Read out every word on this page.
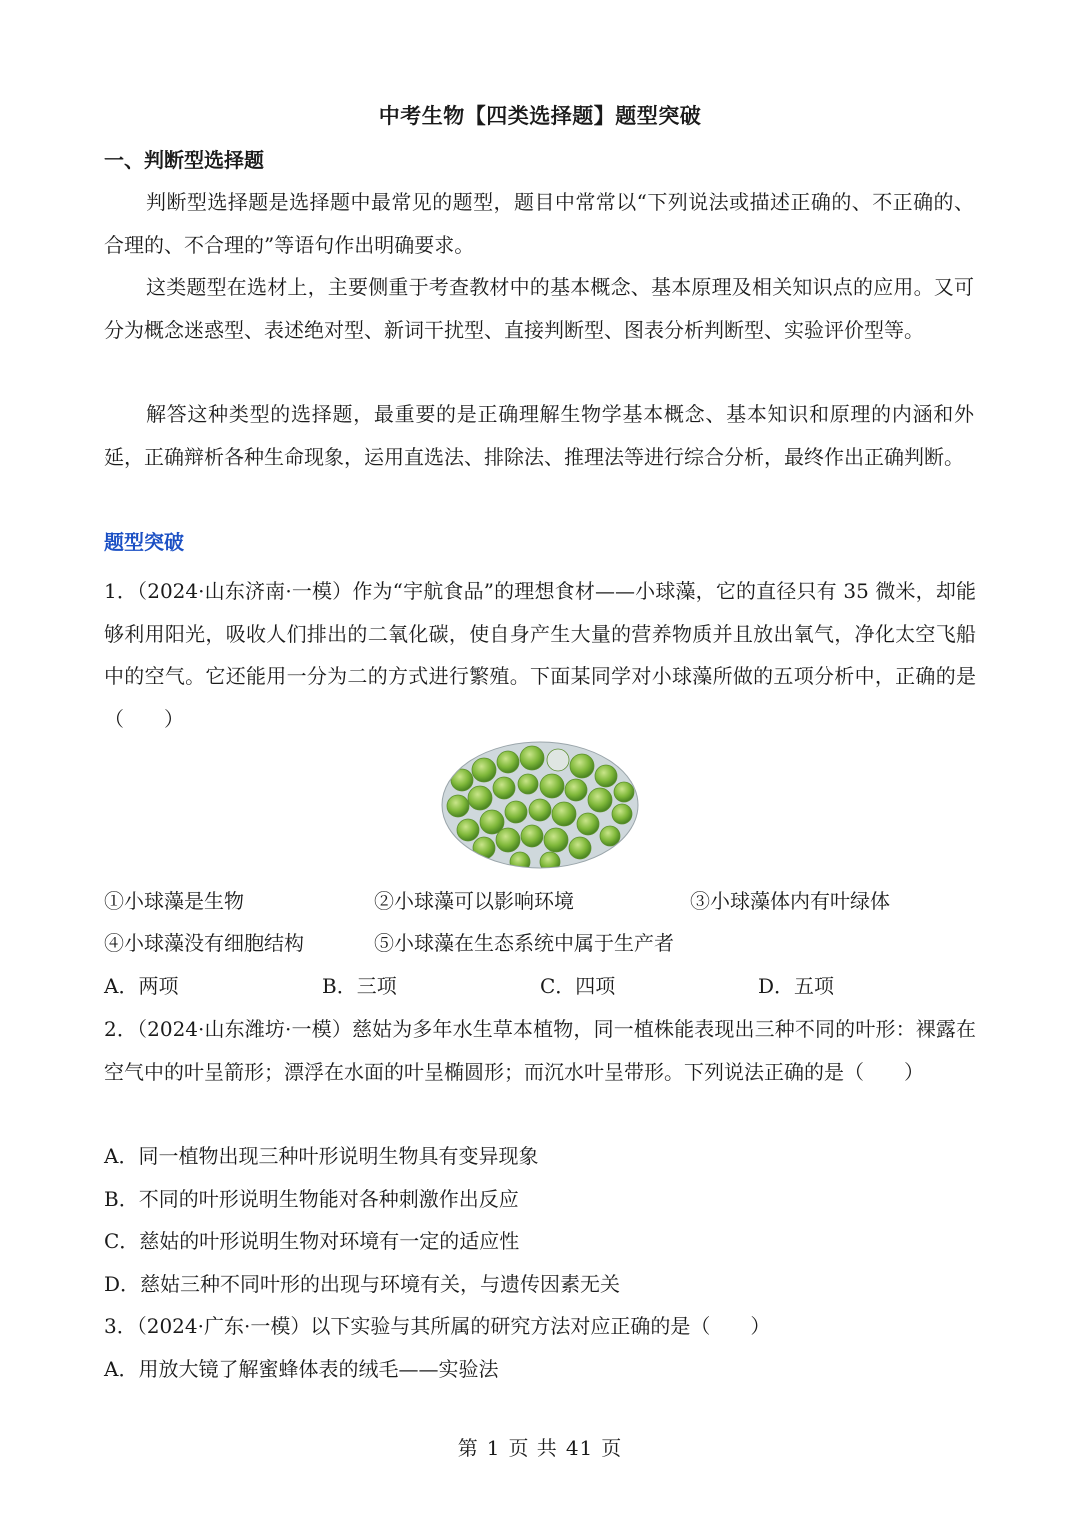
中考生物【四类选择题】题型突破
一、判断型选择题
判断型选择题是选择题中最常见的题型，题目中常常以“下列说法或描述正确的、不正确的、合理的、不合理的”等语句作出明确要求。
这类题型在选材上，主要侧重于考查教材中的基本概念、基本原理及相关知识点的应用。又可分为概念迷惑型、表述绝对型、新词干扰型、直接判断型、图表分析判断型、实验评价型等。
解答这种类型的选择题，最重要的是正确理解生物学基本概念、基本知识和原理的内涵和外延，正确辩析各种生命现象，运用直选法、排除法、推理法等进行综合分析，最终作出正确判断。
题型突破
1．（2024·山东济南·一模）作为“宇航食品”的理想食材——小球藻，它的直径只有 35 微米，却能够利用阳光，吸收人们排出的二氧化碳，使自身产生大量的营养物质并且放出氧气，净化太空飞船中的空气。它还能用一分为二的方式进行繁殖。下面某同学对小球藻所做的五项分析中，正确的是（　　）
①小球藻是生物	②小球藻可以影响环境	③小球藻体内有叶绿体
④小球藻没有细胞结构	⑤小球藻在生态系统中属于生产者
A．两项	B．三项	C．四项	D．五项
2．（2024·山东潍坊·一模）慈姑为多年水生草本植物，同一植株能表现出三种不同的叶形：裸露在空气中的叶呈箭形；漂浮在水面的叶呈椭圆形；而沉水叶呈带形。下列说法正确的是（　　）
A．同一植物出现三种叶形说明生物具有变异现象
B．不同的叶形说明生物能对各种刺激作出反应
C．慈姑的叶形说明生物对环境有一定的适应性
D．慈姑三种不同叶形的出现与环境有关，与遗传因素无关
3．（2024·广东·一模）以下实验与其所属的研究方法对应正确的是（　　）
A．用放大镜了解蜜蜂体表的绒毛——实验法
第 1 页 共 41 页
